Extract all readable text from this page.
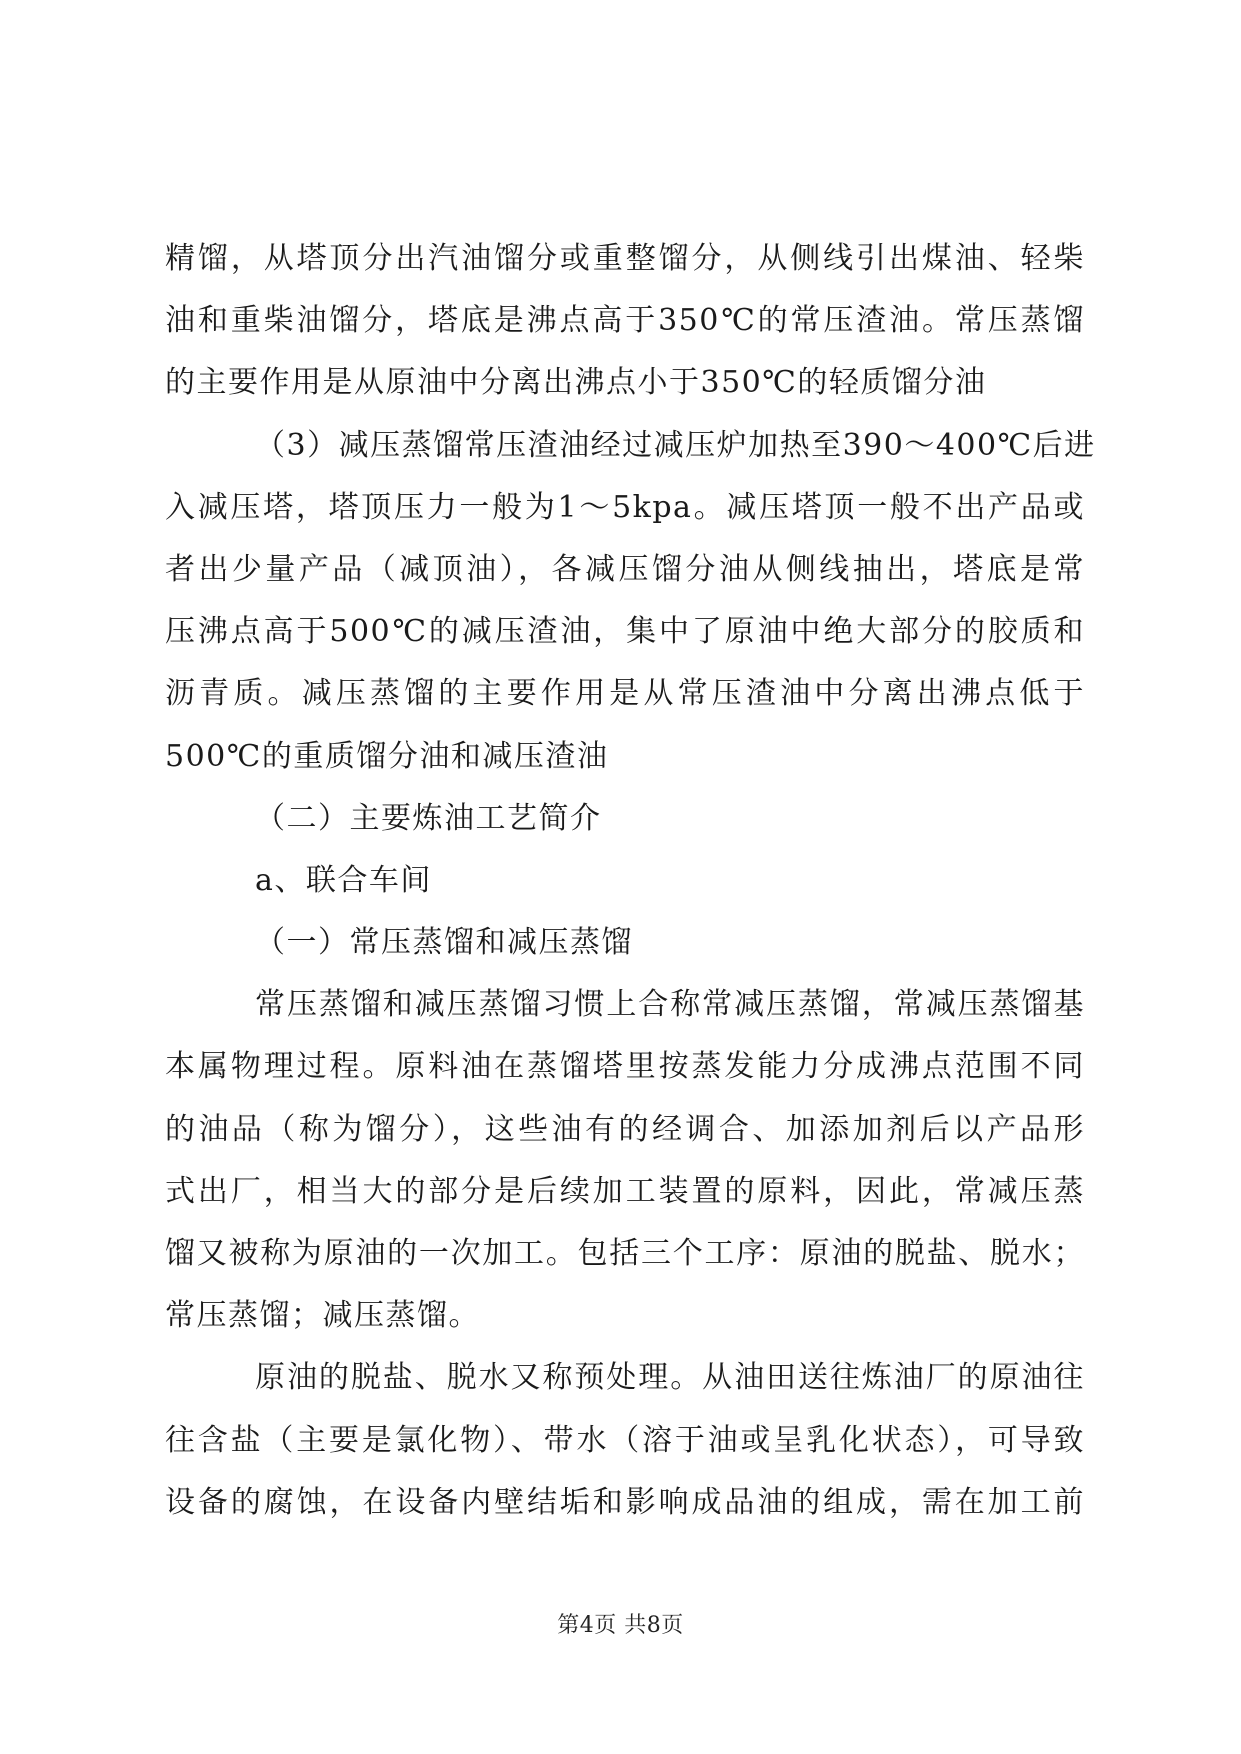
精馏，从塔顶分出汽油馏分或重整馏分，从侧线引出煤油、轻柴
油和重柴油馏分，塔底是沸点高于350℃的常压渣油。常压蒸馏
的主要作用是从原油中分离出沸点小于350℃的轻质馏分油
（3）减压蒸馏常压渣油经过减压炉加热至390～400℃后进
入减压塔，塔顶压力一般为1～5kpa。减压塔顶一般不出产品或
者出少量产品（减顶油），各减压馏分油从侧线抽出，塔底是常
压沸点高于500℃的减压渣油，集中了原油中绝大部分的胶质和
沥青质。减压蒸馏的主要作用是从常压渣油中分离出沸点低于
500℃的重质馏分油和减压渣油
（二）主要炼油工艺简介
a、联合车间
（一）常压蒸馏和减压蒸馏
常压蒸馏和减压蒸馏习惯上合称常减压蒸馏，常减压蒸馏基
本属物理过程。原料油在蒸馏塔里按蒸发能力分成沸点范围不同
的油品（称为馏分），这些油有的经调合、加添加剂后以产品形
式出厂，相当大的部分是后续加工装置的原料，因此，常减压蒸
馏又被称为原油的一次加工。包括三个工序：原油的脱盐、脱水；
常压蒸馏；减压蒸馏。
原油的脱盐、脱水又称预处理。从油田送往炼油厂的原油往
往含盐（主要是氯化物）、带水（溶于油或呈乳化状态），可导致
设备的腐蚀，在设备内壁结垢和影响成品油的组成，需在加工前
第4页 共8页
